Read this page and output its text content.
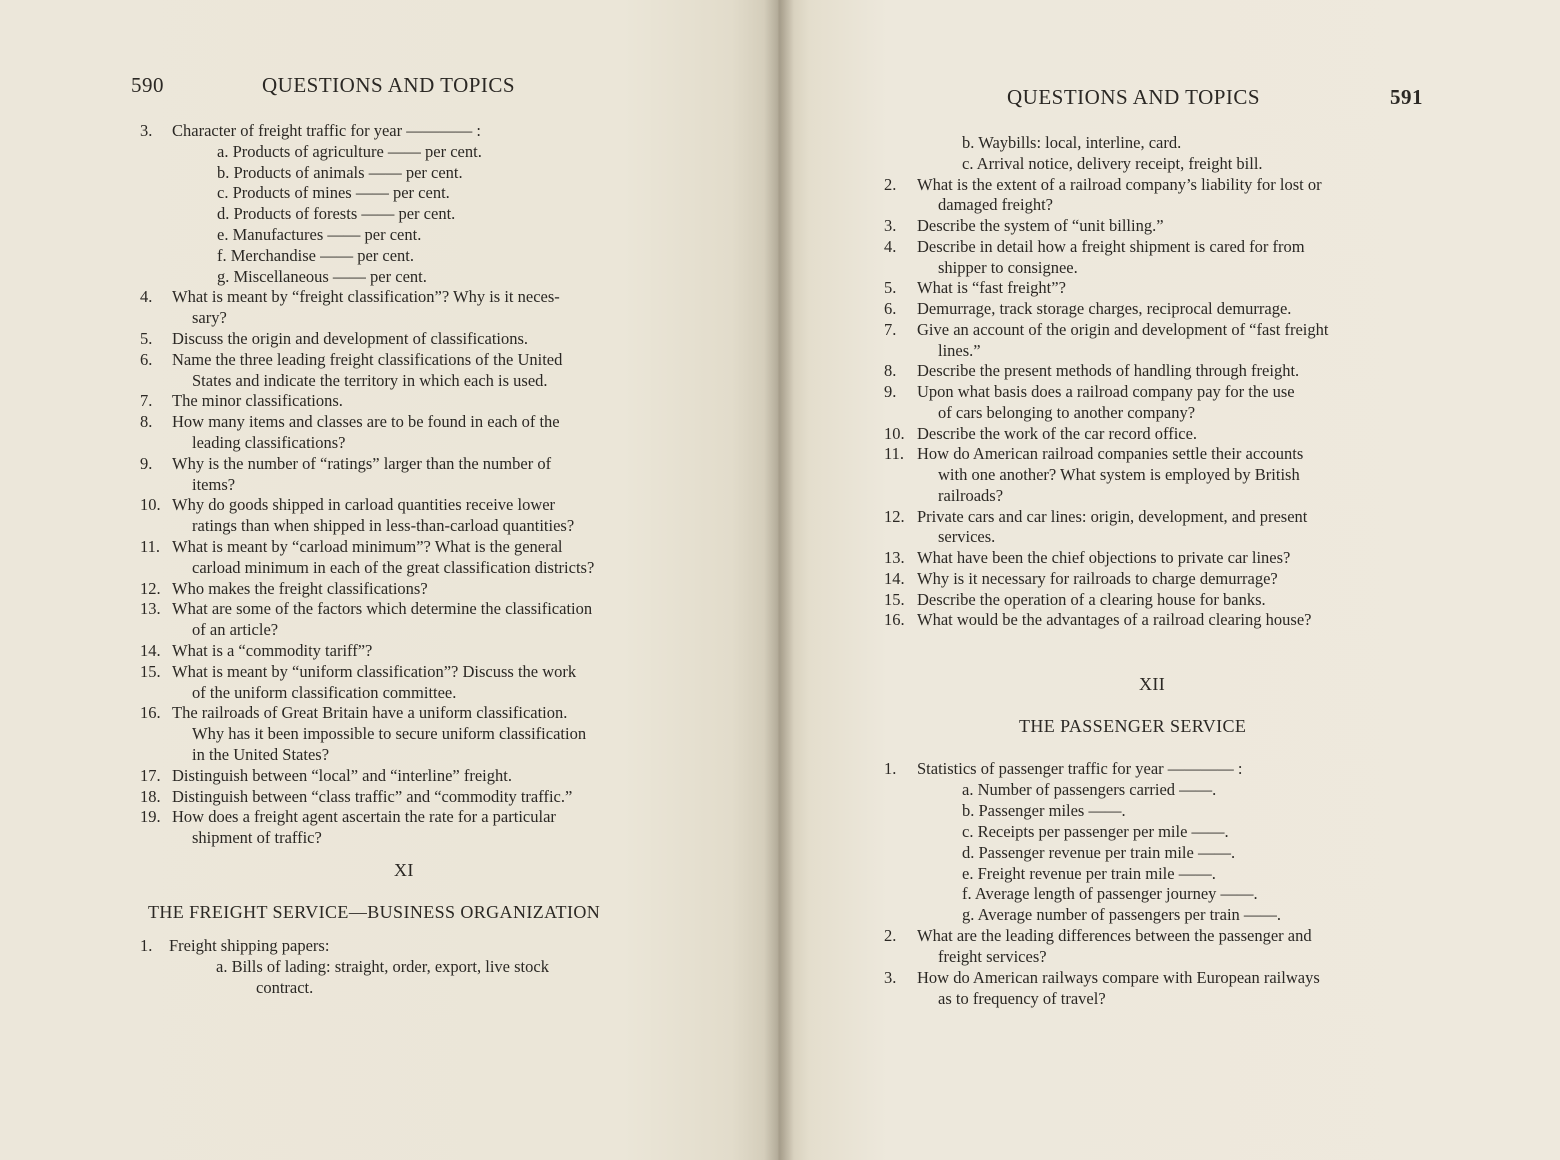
590	QUESTIONS AND TOPICS	QUESTIONS AND TOPICS	591
3. Character of freight traffic for year ———— :
a. Products of agriculture —— per cent.
b. Products of animals —— per cent.
c. Products of mines —— per cent.
d. Products of forests —— per cent.
e. Manufactures —— per cent.
f. Merchandise —— per cent.
g. Miscellaneous —— per cent.
4. What is meant by “freight classification”? Why is it neces-
sary?
5. Discuss the origin and development of classifications.
6. Name the three leading freight classifications of the United
States and indicate the territory in which each is used.
7. The minor classifications.
8. How many items and classes are to be found in each of the
leading classifications?
9. Why is the number of “ratings” larger than the number of
items?
10. Why do goods shipped in carload quantities receive lower
ratings than when shipped in less-than-carload quantities?
11. What is meant by “carload minimum”? What is the general
carload minimum in each of the great classification districts?
12. Who makes the freight classifications?
13. What are some of the factors which determine the classification
of an article?
14. What is a “commodity tariff”?
15. What is meant by “uniform classification”? Discuss the work
of the uniform classification committee.
16. The railroads of Great Britain have a uniform classification.
Why has it been impossible to secure uniform classification
in the United States?
17. Distinguish between “local” and “interline” freight.
18. Distinguish between “class traffic” and “commodity traffic.”
19. How does a freight agent ascertain the rate for a particular
shipment of traffic?
XI
THE FREIGHT SERVICE—BUSINESS ORGANIZATION
1. Freight shipping papers:
a. Bills of lading: straight, order, export, live stock
contract.
b. Waybills: local, interline, card.
c. Arrival notice, delivery receipt, freight bill.
2. What is the extent of a railroad company’s liability for lost or
damaged freight?
3. Describe the system of “unit billing.”
4. Describe in detail how a freight shipment is cared for from
shipper to consignee.
5. What is “fast freight”?
6. Demurrage, track storage charges, reciprocal demurrage.
7. Give an account of the origin and development of “fast freight
lines.”
8. Describe the present methods of handling through freight.
9. Upon what basis does a railroad company pay for the use
of cars belonging to another company?
10. Describe the work of the car record office.
11. How do American railroad companies settle their accounts
with one another? What system is employed by British
railroads?
12. Private cars and car lines: origin, development, and present
services.
13. What have been the chief objections to private car lines?
14. Why is it necessary for railroads to charge demurrage?
15. Describe the operation of a clearing house for banks.
16. What would be the advantages of a railroad clearing house?
XII
THE PASSENGER SERVICE
1. Statistics of passenger traffic for year ———— :
a. Number of passengers carried ——.
b. Passenger miles ——.
c. Receipts per passenger per mile ——.
d. Passenger revenue per train mile ——.
e. Freight revenue per train mile ——.
f. Average length of passenger journey ——.
g. Average number of passengers per train ——.
2. What are the leading differences between the passenger and
freight services?
3. How do American railways compare with European railways
as to frequency of travel?
